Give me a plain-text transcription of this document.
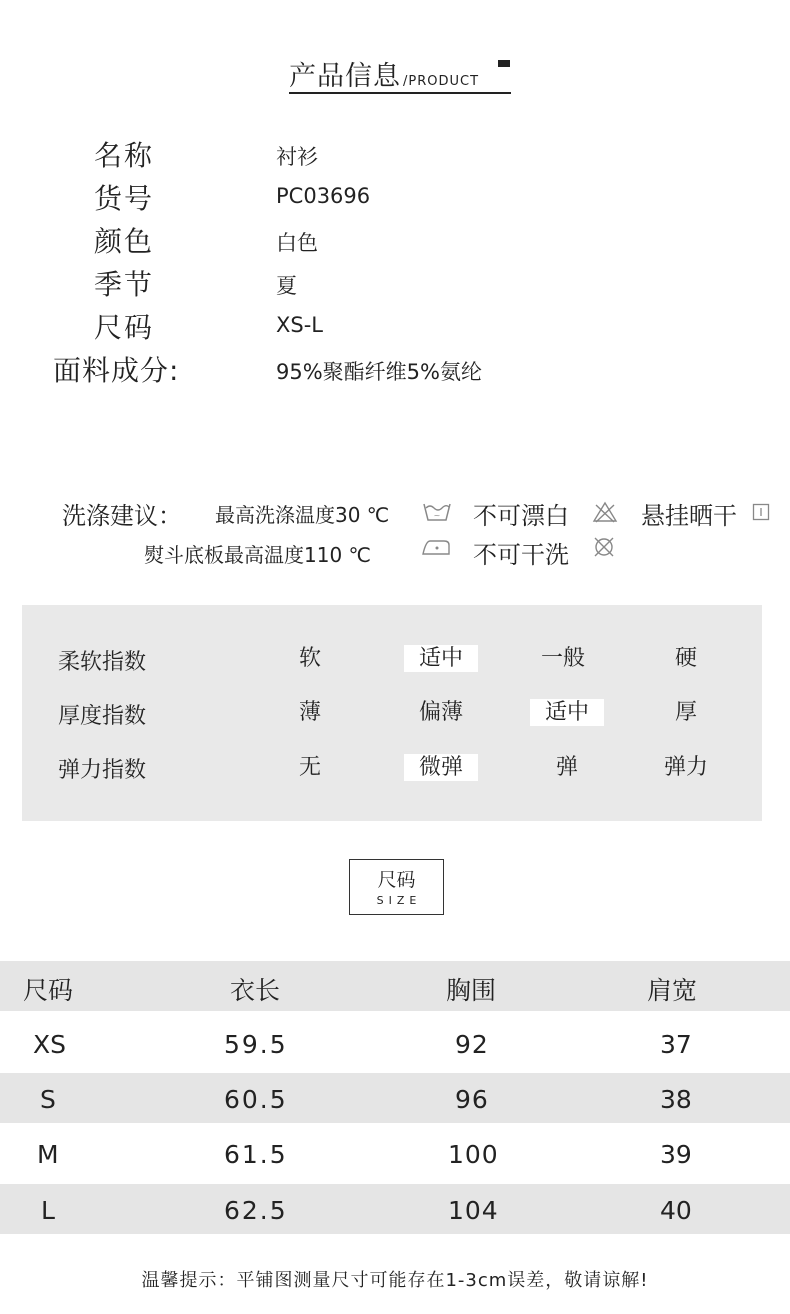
产品信息 /PRODUCT
名称	衬衫
货号	PC03696
颜色	白色
季节	夏
尺码	XS-L
面料成分:	95%聚酯纤维5%氨纶
洗涤建议： 最高洗涤温度30 ℃	~ 不可漂白	悬挂晒干
熨斗底板最高温度110 ℃	不可干洗
柔软指数	软	适中	一般	硬
厚度指数	薄	偏薄	适中	厚
弹力指数	无	微弹	弹	弹力
尺码
SIZE
尺码	衣长	胸围	肩宽
XS	59.5	92	37
S	60.5	96	38
M	61.5	100	39
L	62.5	104	40
温馨提示：平铺图测量尺寸可能存在1-3cm误差，敬请谅解!
